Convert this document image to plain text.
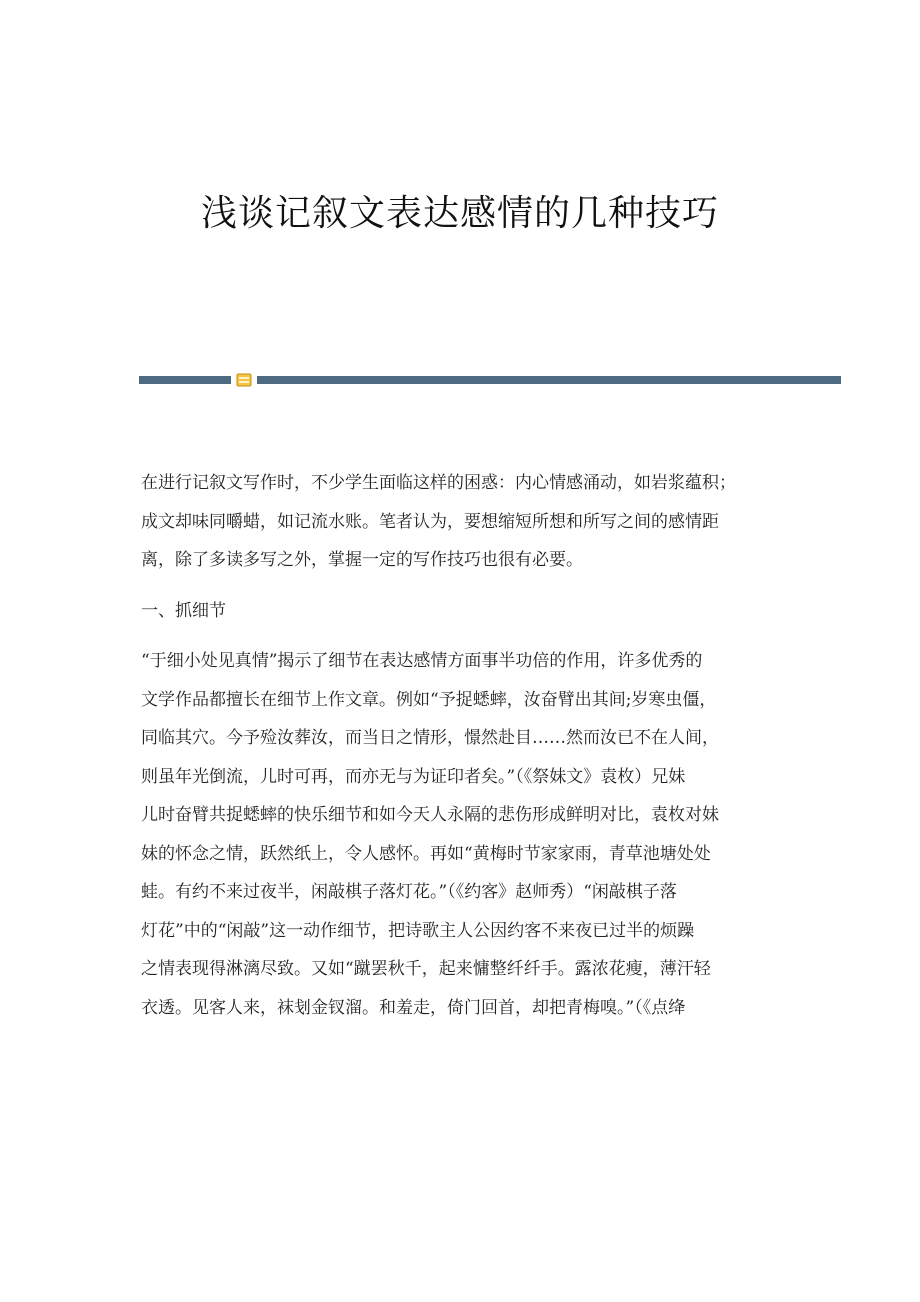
浅谈记叙文表达感情的几种技巧

在进行记叙文写作时，不少学生面临这样的困惑：内心情感涌动，如岩浆蕴积；

成文却味同嚼蜡，如记流水账。笔者认为，要想缩短所想和所写之间的感情距

离，除了多读多写之外，掌握一定的写作技巧也很有必要。

一、抓细节

“于细小处见真情”揭示了细节在表达感情方面事半功倍的作用，许多优秀的

文学作品都擅长在细节上作文章。例如“予捉蟋蟀，汝奋臂出其间;岁寒虫僵，

同临其穴。今予殓汝葬汝，而当日之情形，憬然赴目……然而汝已不在人间，

则虽年光倒流，儿时可再，而亦无与为证印者矣。”（《祭妹文》袁枚）兄妹

儿时奋臂共捉蟋蟀的快乐细节和如今天人永隔的悲伤形成鲜明对比，袁枚对妹

妹的怀念之情，跃然纸上，令人感怀。再如“黄梅时节家家雨，青草池塘处处

蛙。有约不来过夜半，闲敲棋子落灯花。”（《约客》赵师秀）“闲敲棋子落

灯花”中的“闲敲”这一动作细节，把诗歌主人公因约客不来夜已过半的烦躁

之情表现得淋漓尽致。又如“蹴罢秋千，起来慵整纤纤手。露浓花瘦，薄汗轻

衣透。见客人来，袜刬金钗溜。和羞走，倚门回首，却把青梅嗅。”（《点绛
